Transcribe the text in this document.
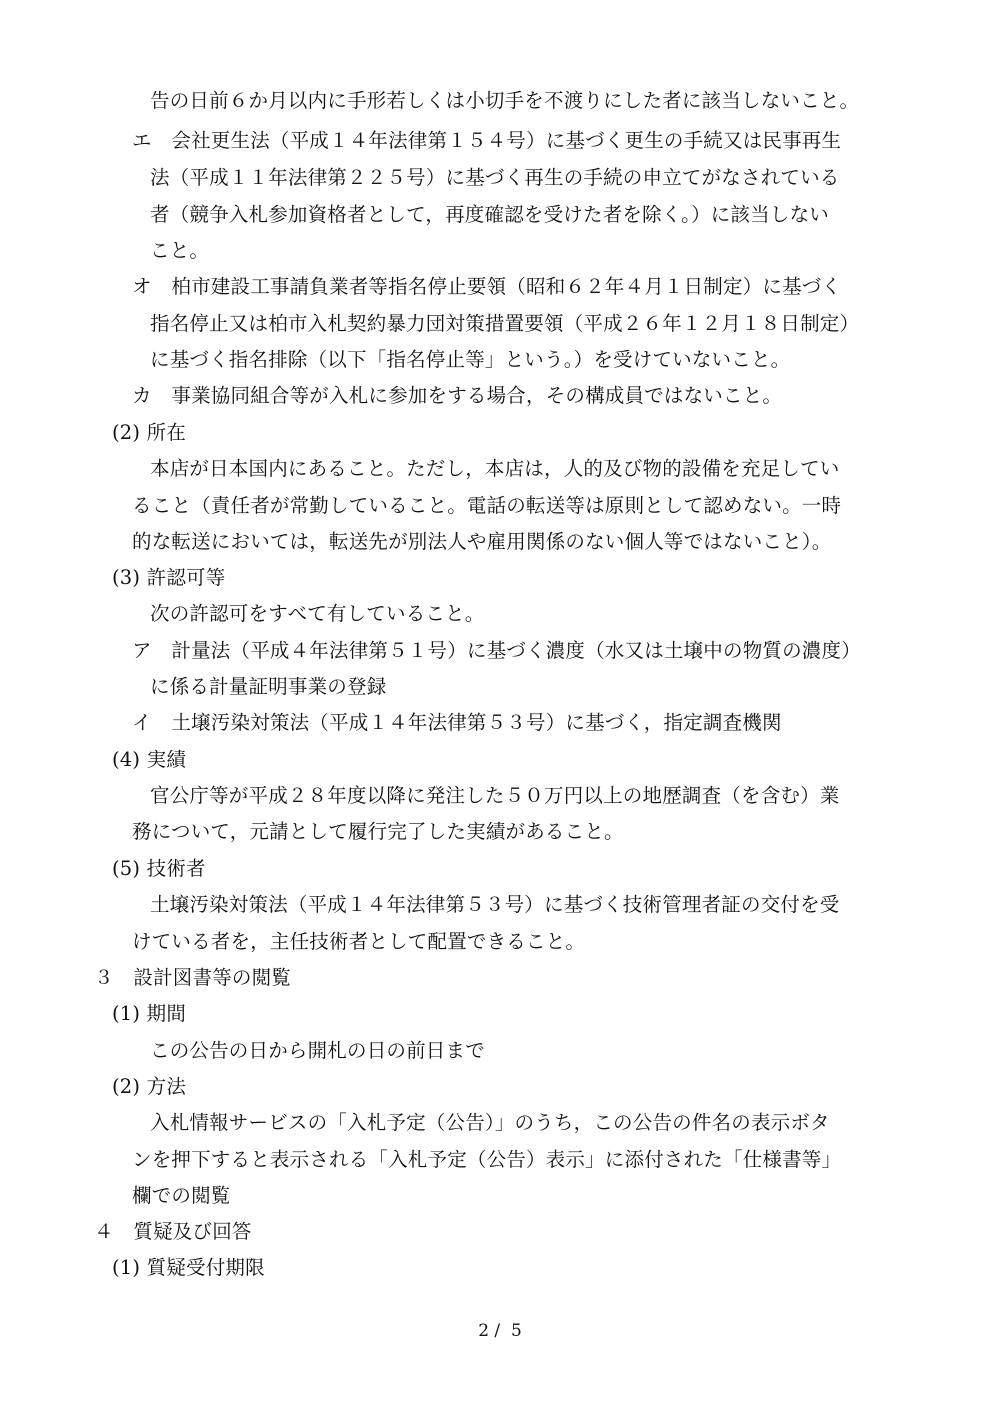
告の日前６か月以内に手形若しくは小切手を不渡りにした者に該当しないこと。
エ　会社更生法（平成１４年法律第１５４号）に基づく更生の手続又は民事再生
法（平成１１年法律第２２５号）に基づく再生の手続の申立てがなされている
者（競争入札参加資格者として，再度確認を受けた者を除く。）に該当しない
こと。
オ　柏市建設工事請負業者等指名停止要領（昭和６２年４月１日制定）に基づく
指名停止又は柏市入札契約暴力団対策措置要領（平成２６年１２月１８日制定）
に基づく指名排除（以下「指名停止等」という。）を受けていないこと。
カ　事業協同組合等が入札に参加をする場合，その構成員ではないこと。
(2) 所在
本店が日本国内にあること。ただし，本店は，人的及び物的設備を充足してい
ること（責任者が常勤していること。電話の転送等は原則として認めない。一時
的な転送においては，転送先が別法人や雇用関係のない個人等ではないこと）。
(3) 許認可等
次の許認可をすべて有していること。
ア　計量法（平成４年法律第５１号）に基づく濃度（水又は土壌中の物質の濃度）
に係る計量証明事業の登録
イ　土壌汚染対策法（平成１４年法律第５３号）に基づく，指定調査機関
(4) 実績
官公庁等が平成２８年度以降に発注した５０万円以上の地歴調査（を含む）業
務について，元請として履行完了した実績があること。
(5) 技術者
土壌汚染対策法（平成１４年法律第５３号）に基づく技術管理者証の交付を受
けている者を，主任技術者として配置できること。
３　設計図書等の閲覧
(1) 期間
この公告の日から開札の日の前日まで
(2) 方法
入札情報サービスの「入札予定（公告）」のうち，この公告の件名の表示ボタ
ンを押下すると表示される「入札予定（公告）表示」に添付された「仕様書等」
欄での閲覧
４　質疑及び回答
(1) 質疑受付期限
2 /  5
